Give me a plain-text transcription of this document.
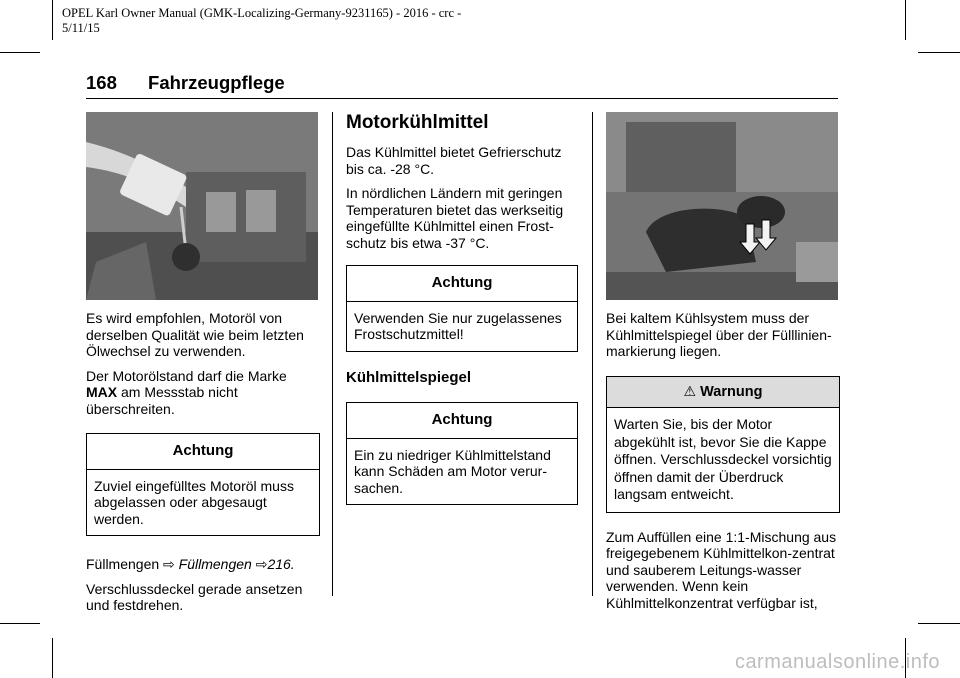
OPEL Karl Owner Manual (GMK-Localizing-Germany-9231165) - 2016 - crc -
5/11/15
168 Fahrzeugpflege

Es wird empfohlen, Motoröl von derselben Qualität wie beim letzten Ölwechsel zu verwenden.

Der Motorölstand darf die Marke
MAX am Messstab nicht überschreiten.

Achtung
Zuviel eingefülltes Motoröl muss abgelassen oder abgesaugt werden.

Füllmengen ⇨ Füllmengen ⇨216.

Verschlussdeckel gerade ansetzen und festdrehen.

Motorkühlmittel

Das Kühlmittel bietet Gefrierschutz bis ca. -28 °C.

In nördlichen Ländern mit geringen Temperaturen bietet das werkseitig eingefüllte Kühlmittel einen Frost-schutz bis etwa -37 °C.

Achtung
Verwenden Sie nur zugelassenes Frostschutzmittel!
Kühlmittelspiegel
Achtung
Ein zu niedriger Kühlmittelstand kann Schäden am Motor verur-sachen.

Bei kaltem Kühlsystem muss der Kühlmittelspiegel über der Fülllinien-markierung liegen.

⚠ Warnung
Warten Sie, bis der Motor abgekühlt ist, bevor Sie die Kappe öffnen. Verschlussdeckel vorsichtig öffnen damit der Überdruck langsam entweicht.

Zum Auffüllen eine 1:1-Mischung aus freigegebenem Kühlmittelkon-zentrat und sauberem Leitungs-wasser verwenden. Wenn kein Kühlmittelkonzentrat verfügbar ist,

carmanualsonline.info
